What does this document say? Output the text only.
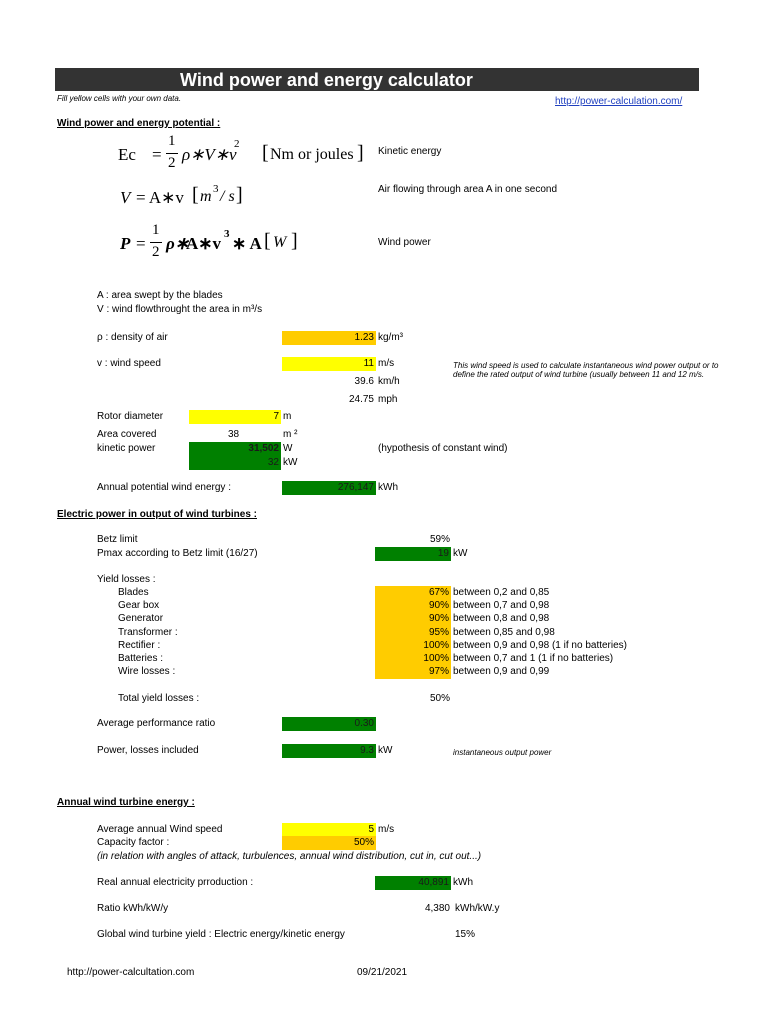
Wind power and energy calculator
Fill yellow cells with your own data.	http://power-calculation.com/
Wind power and energy potential :
Ec =
1
2 ρ∗V∗v
2 [ Nm or joules ] Kinetic energy
V = A∗v [ m 3 / s ]	Air flowing through area A in one second
P =
1
2 ρ∗
A∗v 3 ∗ A [ W ]	Wind power
A : area swept by the blades
V : wind flowthrought the area in m³/s
ρ : density of air	1.23 kg/m³
v : wind speed	11 m/s	This wind speed is used to calculate instantaneous wind power output or to define the rated output of wind turbine (usually between 11 and 12 m/s.
39.6 km/h
24.75 mph
Rotor diameter	7 m
Area covered	38	m ²
kinetic power	31,502 W
32 kW
(hypothesis of constant wind)
Annual potential wind energy :	276,147 kWh
Electric power in output of wind turbines :
Betz limit	59%
Pmax according to Betz limit (16/27)	19 kW
Yield losses :
Blades	67% between 0,2 and 0,85
Gear box	90% between 0,7 and 0,98
Generator	90% between 0,8 and 0,98
Transformer :	95% between 0,85 and 0,98
Rectifier :	100% between 0,9 and 0,98 (1 if no batteries)
Batteries :	100% between 0,7 and 1 (1 if no batteries)
Wire losses :	97% between 0,9 and 0,99
Total yield losses :	50%
Average performance ratio	0.30
Power, losses included	9.3 kW	instantaneous output power
Annual wind turbine energy :
Average annual Wind speed	5 m/s
Capacity factor :	50%
(in relation with angles of attack, turbulences, annual wind distribution, cut in, cut out...)
Real annual electricity prroduction :	40,891 kWh
Ratio kWh/kW/y	4,380 kWh/kW.y
Global wind turbine yield : Electric energy/kinetic energy	15%
http://power-calcultation.com	09/21/2021
